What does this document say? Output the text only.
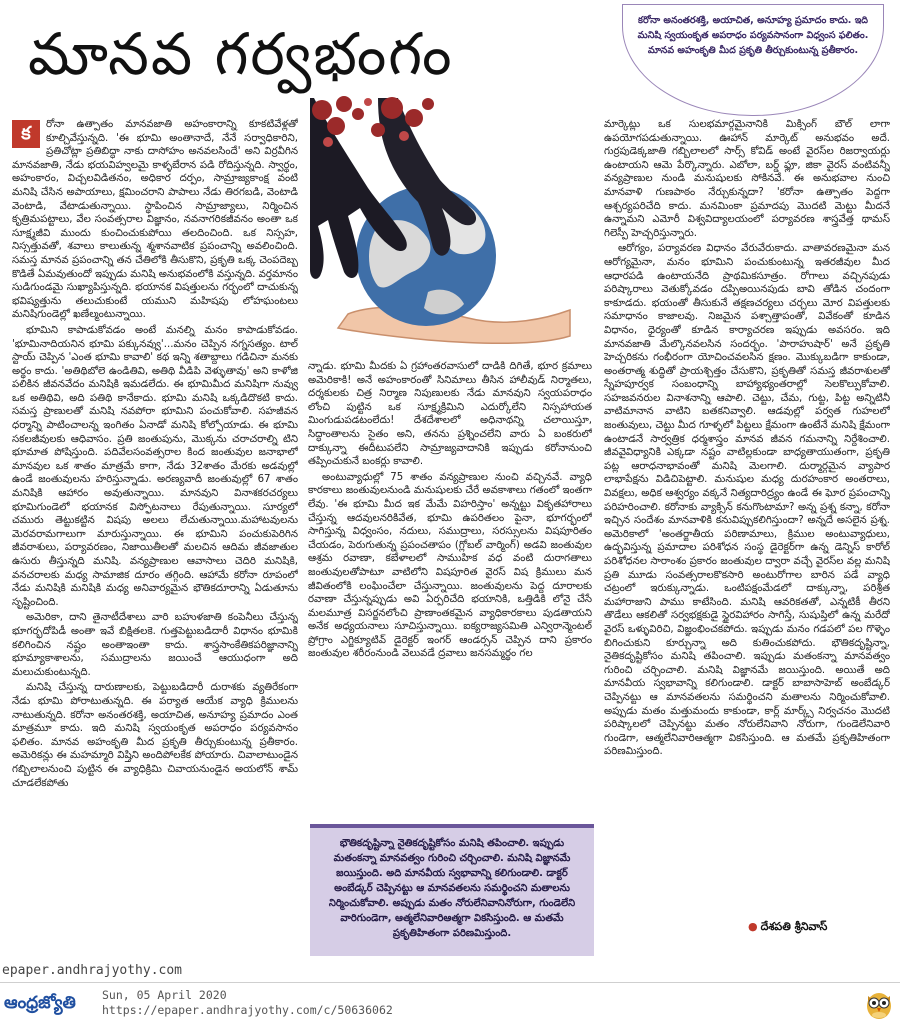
మానవ గర్వభంగం	కరోనా అనంతరశక్తి, అయాచిత, అనూహ్య ప్రమాదం కాదు. ఇది మనిషి స్వయంకృత అపరాధం పర్యవసానంగా విధ్వంస ఫలితం. మానవ అహంకృతి మీద ప్రకృతి తీర్చుకుంటున్న ప్రతీకారం.

క	రోనా ఉత్పాతం మానవజాతి అహంకారాన్ని కూకటివేళ్లతో కూల్చివేస్తున్నది. 'ఈ భూమి అంతానాదే, నేనే సర్వాధికారిని, ప్రతిచోట్లా ప్రతిబిద్ధా నాకు దాసోహం అనవలసిందే' అని విర్రవీగిన మానవజాతి, నేడు భయవిహ్వలమై కాళ్ళబేరాన పడి రోదిస్తున్నది. స్వార్థం, అహంకారం, విచ్చలవిడితనం, అధికార దర్పం, సామ్రాజ్యకాంక్ష వంటి మనిషి చేసిన అపాయాలు, క్షమించరాని పాపాలు నేడు తిరగబడి, వెంటాడి వెంటాడి, వేటాడుతున్నాయి. స్థాపించిన సామ్రాజ్యాలు, నిర్మించిన కృత్రిమపట్టాలు, వేల సంవత్సరాల విజ్ఞానం, నవనాగరికజీవనం అంతా ఒక సూక్ష్మజీవి ముందు కుంచించుకుపోయి తలదించింది. ఒక నిస్సహ, నిస్సత్తువతో, శవాలు కాలుతున్న శ్మశానవాటిక ప్రపంచాన్ని అవలించింది. సమస్త మానవ ప్రపంచాన్ని తన చేతిలోకి తీసుకొని, ప్రకృతి ఒక్క చెంపదెబ్బ కొడితే ఏమవుతుందో ఇప్పుడు మనిషి అనుభవంలోకి వస్తున్నది. వర్తమానం సుడిగుండమై సుఖ్యాపిస్తున్నది. భయానక విషత్తులను గర్భంలో దాచుకున్న భవిష్యత్తును తలుచుకుంటే యముని మహిషపు లోహఘంటలు మనిషిగుండెల్లో ఖణేల్మంటున్నాయి.

భూమిని కాపాడుకోవడం అంటే మనల్ని మనం కాపాడుకోవడం. 'భూమినాదియనిన భూమి పక్కునవ్వు'...మనం చెప్పిన నగ్నసత్యం. టాల్ స్టాయ్ చెప్పిన 'ఎంత భూమి కావాలి' కథ ఇన్ని శతాబ్దాలు గడిచినా మనకు అర్థం కాదు. 'అతిథిబోలె ఉండితివి, అతిథి వీడిపి వెళ్ళుతావు' అని కాళోజి పలికిన జీవనవేదం మనిషికి ఇమడలేదు. ఈ భూమిమీద మనిషిగా నువ్వు ఒక అతిథివి, అది పతిథి కానేకాదు. భూమి మనిషి ఒక్కడిదొకటి కాదు. సమస్త ప్రాణులతో మనిషి నవపోరా భూమిని పంచుకోవాలి. సహజీవన ధర్మాన్ని పాటించాలన్న ఇంగితం ఏనాడో మనిషి కోల్పోయాడు. ఈ భూమి సకలజీవులకు ఆధివాసం. ప్రతి జంతుపును, మొక్కను చరాచరాల్ని టిని భూమాత పోషిస్తుంది. పదివేలసంవత్సరాల కింద జంతువుల జనాభాలో మానవుల ఒక శాతం మాత్రమే కాగా, నేడు 32శాతం మేరకు అడవుల్లో ఉండే జంతువులను హరిస్తున్నాడు. అరణ్యవాదీ జంతువుల్లో 67 శాతం మనిషికి ఆహారం అవుతున్నాయి. మానవుని వినాశకరచర్యలు భూమిగుండెలో భయానక విస్ఫోటనాలు రేపుతున్నాయి. సూర్యలో చమురు తెట్టుకట్టిన విషపు అలలు లేచుతున్నాయి.మహాటవులను మెరవరామగాలుగా మారుస్తున్నాయి. ఈ భూమిని పంచుకుపెరిగిన జీవరాశులు, పర్యావరణం, నిజాయితీలతో మలచిన ఆదిమ జీవజాతుల ఉసురు తీస్తున్నది మనిషి. వన్యప్రాణుల ఆవాసాలు చెదిరి మనిషికి, వనచరాలకు మధ్య సామాజిక దూరం తగ్గింది. ఆహామే కరోనా రూపంలో నేడు మనిషికి మనిషికి మధ్య అనివార్యమైన భౌతికదూరాన్ని ఏడుతూను సృష్టించింది.

అమెరికా, దాని తైనాటీదేశాలు వారి బహుళజాతి కంపెనీలు చేస్తున్న భూగర్భదోపిడీ అంతా ఇవే బిక్షితలకె. గుత్తపెట్టుబడిదారీ విధానం భూమికి కలిగించిన నష్టం అంతాఇంతా కాదు. శాస్త్రసాంకేతికపరిజ్ఞానాన్ని భూమ్యాకాశాలను, సముద్రాలను జయించే ఆయుధంగా అది మలుచుకుంటున్నది.

మనిషి చేస్తున్న దారుణాలకు, పెట్టుబడిదారీ దురాశకు వ్యతిరేకంగా నేడు భూమి పోరాటుతున్నది. ఈ పర్యాత ఆయేక వ్యాధి క్రిములను నాటుతున్నది. కరోనా అనంతరశక్తి, అయాచిత, అనూహ్య ప్రమాదం ఎంత మాత్రమూ కాదు. ఇది మనిషి స్వయంకృత అపరాధం పర్యవసానం ఫలితం. మానవ అహంకృతి మీద ప్రకృతి తీర్చుకుంటున్న ప్రతీకారం. అమెరికన్లు ఈ మహమ్మారి విష్తిని అందిపోలకేక పోయారు. చివాలాటుండైన గబ్బిలాలనుంచి పుట్టిన ఈ వ్యాధిక్రిమి చివాయనుండైన అయలోన్ శామ్ చూడలేకపోతు

న్నాడు. భూమి మీదకు ఏ గ్రహాంతరవాసులో దాడికి దిగితే, భూర క్రమాలు అమెరికాకి! అనే అహంకారంతో సినిమాలు తీసిన హాలీవుడ్ నిర్మాతలు, దర్శకులకు చిత్ర నిర్మాణ నిపుణులకు నేడు మానవుని స్వయపరాధం లోంచి పుట్టిన ఒక సూక్ష్మక్రిమిని ఎదుర్కోలేని నిస్సహాయత మింగుడుపడటంలేదు! దేశదేశాలలో అధినాథన్ని చలాయిస్తూ, సిద్ధాంతాలను సైతం అని, తనను ప్రశ్నించలేని వారు ఏ బంకరులో దాక్కున్నా ఈదీటుపలేని సామ్రాజ్యవాదానికి ఇప్పుడు కరోనానుంచి తప్పించుకునే బంకర్లు కావాలి.

అంటువ్యాధుల్లో 75 శాతం వన్యప్రాణుల నుంచి వచ్చినవే. వ్యాధి కారకాలు జంతువులనుండి మనుషులకు చేరే అవకాశాలు గతంలో ఇంతగా లేవు. 'ఈ భూమి మీద ఇక మేమే విహరిస్తాం' అన్నట్టు వికృతహారాలు చేస్తున్న ఆదవులనరికివేత, భూమి ఉపరితలం పైనా, భూగర్భంలో సాగిస్తున్న విధ్వంసం, నదులు, సముద్రాలు, సరస్సులను విషపూరితం చేయడం, పెరుగుతున్న ప్రపంచతాపం (గ్లోబల్ వార్మింగ్) అడవి జంతువుల ఆశ్రమ రవాణా, కబేళాలలో సాముహిక వధ వంటి దురాగతాలు జంతువులతోపాటూ వాటిలోని విషపూరిత వైరస్ విష క్రిములు మన జీవితంలోకి లంఘించేలా చేస్తున్నాయి. జంతువులను పెద్ద దూరాలకు రవాణా చేస్తున్నప్పుడు అవి ఏర్పరిచేది భయానికి, ఒత్తిడికి లోనై చేసే మలమూత్ర విసర్జనలోంచి ప్రాణాంతకమైన వ్యాధికారకాలు పుడతాయని అనేక అధ్యయనాలు సూచిస్తున్నాయి. ఐక్యరాజ్యసమితి ఎన్విరాన్మెంటల్ ప్రోగ్రాం ఎగ్జిక్యూటివ్ డైరెక్టర్ ఇంగర్ ఆండర్సన్ చెప్పిన దాని ప్రకారం జంతువుల శరీరంనుండి వెలువడే ద్రవాలు జనసమ్మర్థం గల

భౌతికదృష్టిన్నా నైతికదృష్టికోసం మనిషి తపించాలి. ఇప్పుడు మతంకన్నా మానవత్వం గురించి చర్చించాలి. మనిషి విజ్ఞానమే జయిస్తుంది. అది మానవీయ స్వభావాన్ని కలిగుండాలి. డాక్టర్ అంబేడ్కర్ చెప్పినట్టు ఆ మానవతలను సమర్థించని మతాలను నిర్మించుకోవాలి. అప్పుడు మతం నోరులేనివానినోరుగా, గుండెలేని వారిగుండెగా, ఆత్మలేనివారిఆత్మగా వికసిస్తుంది. ఆ మతమే ప్రకృతిహితంగా పరిణమిస్తుంది.

మార్కెట్లు ఒక సులభమార్గమైనానికి మిక్సింగ్ బౌల్ లాగా ఉపయోగపడుతున్నాయి. ఊహాన్ మార్కెట్ అనుభవం అదే. గుర్రపుడెక్కజాతి గబ్బిలాలలో సార్స్ కోవిడ్ అంటే వైరస్‌ల రిజర్వాయర్లు ఉంటాయని ఆమె పేర్కొన్నారు. ఎబోలా, బర్డ్ ఫ్లూ, జికా వైరస్ వంటివన్నీ వన్యప్రాణుల నుండి మనుషులకు సోకినవే. ఈ అనుభవాల నుంచి మానవాళి గుణపాఠం నేర్చుకున్నదా? 'కరోనా ఉత్పాతం పెద్దగా ఆశ్చర్యపరిచేది కాదు. మనమింకా ప్రమాదపు మొదటి మెట్టు మీదనే ఉన్నామని ఎమోరీ విశ్వవిద్యాలయంలో పర్యావరణ శాస్త్రవేత్త థామస్ గిలెస్పీ హెచ్చరిస్తున్నారు.

ఆరోగ్యం, పర్యావరణ విధానం వేరువేరుకాదు. వాతావరణమైనా మన ఆరోగ్యమైనా, మనం భూమిని పంచుకుంటున్న ఇతరజీవుల మీద ఆధారపడి ఉంటాయనేది ప్రాథమికసూత్రం. రోగాలు వచ్చినపుడు పరిష్కారాలు వెతుక్కోవడం దప్పిఅయినపుడు బావి తోడిన చందంగా కాకూడదు. భయంతో తీసుకునే తక్షణచర్యలు చర్చలు మోర విపత్తులకు సమాధానం కాజాలవు. నిజమైన పశ్చాత్తాపంతో, వివేకంతో కూడిన విధానం, ధైర్యంతో కూడిన కార్యాచరణ ఇప్పుడు అవసరం. ఇది మానవజాతి మేల్కొనవలసిన సందర్భం. 'పారాహుషార్' అనే ప్రకృతి హెచ్చరికను గంభీరంగా యోచించవలసిన క్షణం. మొక్కుబడిగా కాకుండా, అంతరాత్మ శుద్ధితో ప్రాయశ్చిత్తం చేసుకొని, ప్రకృతితో సమస్త జీవరాశులతో స్నేహపూర్వక సంబంధాన్ని బాహ్యాభ్యంతరాల్లో సెలకొల్పుకోవాలి. సహజవనరుల వినాశనాన్ని ఆపాలి. చెట్టు, చేమ, గుట్ట, పిట్ట అన్నిటినీ వాటిమానాన వాటిని బతకనివ్వాలి. ఆడవుల్లో పర్వత గుహలలో జంతువులు, చెట్టు మీద గూళ్ళలో పిట్టలు క్షేమంగా ఉంటేనే మనిషి క్షేమంగా ఉంటాడనే సార్వత్రిక ధర్మశాస్త్రం మానవ జీవన గమనాన్ని నిర్దేశించాలి. జీవవైవిధ్యానికి ఎక్కడా నష్టం వాటిల్లకుండా బాధ్యతాయుతంగా, ప్రకృతి పట్ల ఆరాధనాభావంతో మనిషి మెలగాలి. దుర్మార్గమైన వ్యాపార లాభాపేక్షను విడిచిపెట్టాలి. మనుషుల మధ్య దురహంకార అంతరాలు, వివక్షలు, అధిక ఆశ్వర్యం వక్కనే నిత్యదారిద్ర్యం ఉండే ఈ ఘోర ప్రపంచాన్ని పరిహరించాలి. కరోనాకు వ్యాక్సిన్ కనుగొంటామా? అన్న ప్రశ్న కన్నా, కరోనా ఇచ్చిన సందేశం మానవాళికి కనువిప్పుకలిగిస్తుందా? అన్నదే అసలైన ప్రశ్న. అమెరికాలో 'అంతర్జాతీయ పరిణామాలు, క్రిముల అంటువ్యాధులు, ఉద్భవిస్తున్న ప్రమాదాల పరిశోధన సంస్థ డైరెక్టర్‌గా ఉన్న డెన్నిస్ కారోల్ పరిశోధనల సారాంశం ప్రకారం జంతువుల ద్వారా వచ్చే వైరస్‌ల వల్ల మనిషి ప్రతి మూడు సంవత్సరాలకొకసారి అంటురోగాల బారిన పడే వ్యాధి చట్రంలో ఇరుక్కున్నాడు. ఒంటిపక్షంమేడలో దాక్కున్నా, పరిశ్రీత మహారాజుని పాము కాటేసింది. మనిషి ఆవరికతతో, ఎన్నటికీ తీరని తొడేలు ఆకలితో సర్వభక్షకుడై స్థైరవిహారం సాగిస్తే, సుషుప్తిలో ఉన్న మరేదో వైరస్ ఒళ్ళువిరిచి, విజ్ఞంభించకపోదు. ఇప్పుడు మనం గడపలో పల గొళ్ళెం బిగించుకుని కూర్చున్నా అది కుతించుకపోదు. భౌతికదృష్టిన్నా, నైతికదృష్టికోసం మనిషి తపించాలి. ఇప్పుడు మతంకన్నా మానవత్వం గురించి చర్చించాలి. మనిషి విజ్ఞానమే జయిస్తుంది. అయితే అది మానవీయ స్వభావాన్ని కలిగుండాలి. డాక్టర్ బాబాసాహెబ్ అంబేడ్కర్ చెప్పినట్టు ఆ మానవతలను సమర్థించని మతాలను నిర్మించుకోవాలి. అప్పుడు మతం మత్తుమందు కాకుండా, కార్ల్ మార్క్స్ నిర్వచనం మొదటి పరిష్కాలలో చెప్పినట్టు మతం నోరులేనివాని నోరుగా, గుండెలేనివారి గుండెగా, ఆత్మలేనివారిఆత్మగా వికసిస్తుంది. ఆ మతమే ప్రకృతిహితంగా పరిణమిస్తుంది.

● దేశపతి శ్రీనివాస్
epaper.andhrajyothy.com
ఆంధ్రజ్యోతి	Sun, 05 April 2020
https://epaper.andhrajyothy.com/c/50636062
